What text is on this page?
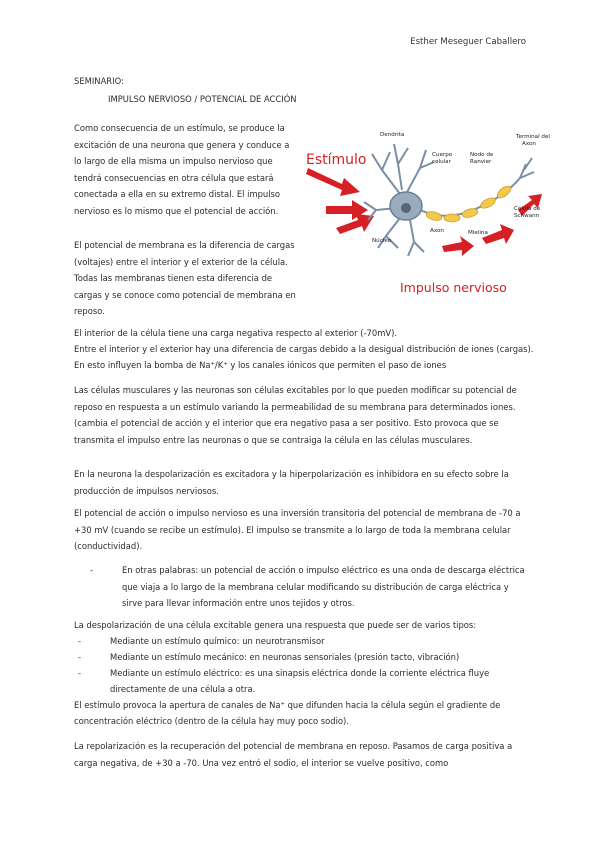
Esther Meseguer Caballero
SEMINARIO:
IMPULSO NERVIOSO / POTENCIAL DE ACCIÓN
Como consecuencia de un estímulo, se produce la excitación de una neurona que genera y conduce a lo largo de ella misma un impulso nervioso que tendrá consecuencias en otra célula que estará conectada a ella en su extremo distal. El impulso nervioso es lo mismo que el potencial de acción.
El potencial de membrana es la diferencia de cargas (voltajes) entre el interior y el exterior de la célula. Todas las membranas tienen esta diferencia de cargas y se conoce como potencial de membrana en reposo.
Dendrita
Cuerpo
celular
Nodo de
Ranvier
Terminal del
Axon
Axon
Núcleo
Mielina
Célula de
Schwann
Estímulo
Impulso nervioso
El interior de la célula tiene una carga negativa respecto al exterior (-70mV).
Entre el interior y el exterior hay una diferencia de cargas debido a la desigual distribución de iones (cargas). En esto influyen la bomba de Na⁺/K⁺ y los canales iónicos que permiten el paso de iones
Las células musculares y las neuronas son células excitables por lo que pueden modificar su potencial de reposo en respuesta a un estímulo variando la permeabilidad de su membrana para determinados iones. (cambia el potencial de acción y el interior que era negativo pasa a ser positivo. Esto provoca que se transmita el impulso entre las neuronas o que se contraiga la célula en las células musculares.
En la neurona la despolarización es excitadora y la hiperpolarización es inhibidora en su efecto sobre la producción de impulsos nerviosos.
El potencial de acción o impulso nervioso es una inversión transitoria del potencial de membrana de -70 a +30 mV (cuando se recibe un estímulo). El impulso se transmite a lo largo de toda la membrana celular (conductividad).
-	En otras palabras: un potencial de acción o impulso eléctrico es una onda de descarga eléctrica que viaja a lo largo de la membrana celular modificando su distribución de carga eléctrica y sirve para llevar información entre unos tejidos y otros.
La despolarización de una célula excitable genera una respuesta que puede ser de varios tipos:
-	Mediante un estímulo químico: un neurotransmisor
-	Mediante un estímulo mecánico: en neuronas sensoriales (presión tacto, vibración)
-	Mediante un estímulo eléctrico: es una sinapsis eléctrica donde la corriente eléctrica fluye directamente de una célula a otra.
El estímulo provoca la apertura de canales de Na⁺ que difunden hacia la célula según el gradiente de concentración eléctrico (dentro de la célula hay muy poco sodio).
La repolarización es la recuperación del potencial de membrana en reposo. Pasamos de carga positiva a carga negativa, de +30 a -70. Una vez entró el sodio, el interior se vuelve positivo, como
